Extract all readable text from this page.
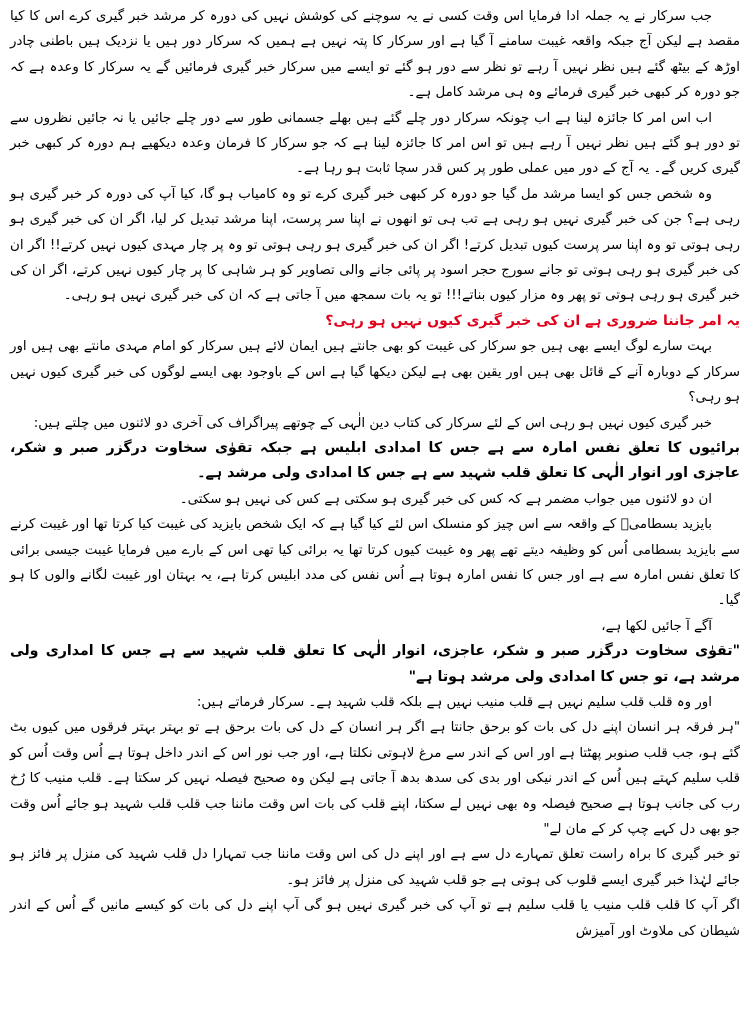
جب سرکار نے یہ جملہ ادا فرمایا اس وقت کسی نے یہ سوچنے کی کوشش نہیں کی دورہ کر مرشد خبر گیری کرے اس کا کیا مقصد ہے لیکن آج جبکہ واقعہ غیبت سامنے آ گیا ہے اور سرکار کا پتہ نہیں ہے ہمیں کہ سرکار دور ہیں یا نزدیک ہیں باطنی چادر اوڑھ کے بیٹھ گئے ہیں نظر نہیں آ رہے تو نظر سے دور ہو گئے تو ایسے میں سرکار خبر گیری فرمائیں گے یہ سرکار کا وعدہ ہے کہ جو دورہ کر کبھی خبر گیری فرمائے وہ ہی مرشد کامل ہے۔

اب اس امر کا جائزہ لینا ہے اب چونکہ سرکار دور چلے گئے ہیں بھلے جسمانی طور سے دور چلے جائیں یا نہ جائیں نظروں سے تو دور ہو گئے ہیں نظر نہیں آ رہے ہیں تو اس امر کا جائزہ لینا ہے کہ جو سرکار کا فرمان وعدہ دیکھیے ہم دورہ کر کبھی خبر گیری کریں گے۔ یہ آج کے دور میں عملی طور پر کس قدر سچا ثابت ہو رہا ہے۔

وہ شخص جس کو ایسا مرشد مل گیا جو دورہ کر کبھی خبر گیری کرے تو وہ کامیاب ہو گا، کیا آپ کی دورہ کر خبر گیری ہو رہی ہے؟ جن کی خبر گیری نہیں ہو رہی ہے تب ہی تو انھوں نے اپنا سر پرست، اپنا مرشد تبدیل کر لیا، اگر ان کی خبر گیری ہو رہی ہوتی تو وہ اپنا سر پرست کیوں تبدیل کرتے! اگر ان کی خبر گیری ہو رہی ہوتی تو وہ پر چار مہدی کیوں نہیں کرتے!! اگر ان کی خبر گیری ہو رہی ہوتی تو جانے سورج حجر اسود پر پائی جانے والی تصاویر کو ہر شاہی کا پر چار کیوں نہیں کرتے، اگر ان کی خبر گیری ہو رہی ہوتی تو پھر وہ مزار کیوں بناتے!!! تو یہ بات سمجھ میں آ جاتی ہے کہ ان کی خبر گیری نہیں ہو رہی۔

یہ امر جاننا ضروری ہے ان کی خبر گیری کیوں نہیں ہو رہی؟

بہت سارے لوگ ایسے بھی ہیں جو سرکار کی غیبت کو بھی جانتے ہیں ایمان لائے ہیں سرکار کو امام مہدی مانتے بھی ہیں اور سرکار کے دوبارہ آنے کے قائل بھی ہیں اور یقین بھی ہے لیکن دیکھا گیا ہے اس کے باوجود بھی ایسے لوگوں کی خبر گیری کیوں نہیں ہو رہی؟

خبر گیری کیوں نہیں ہو رہی اس کے لئے سرکار کی کتاب دین الٰہی کے چوتھے پیراگراف کی آخری دو لائنوں میں چلتے ہیں:

برائیوں کا تعلق نفس امارہ سے ہے جس کا امدادی ابلیس ہے جبکہ تقوٰی سخاوت درگزر صبر و شکر، عاجزی اور انوار الٰہی کا تعلق قلب شہید سے ہے جس کا امدادی ولی مرشد ہے۔

ان دو لائنوں میں جواب مضمر ہے کہ کس کی خبر گیری ہو سکتی ہے کس کی نہیں ہو سکتی۔

بایزید بسطامیؒ کے واقعہ سے اس چیز کو منسلک اس لئے کیا گیا ہے کہ ایک شخص بایزید کی غیبت کیا کرتا تھا اور غیبت کرنے سے بایزید بسطامی اُس کو وظیفہ دیتے تھے پھر وہ غیبت کیوں کرتا تھا یہ برائی کیا تھی اس کے بارے میں فرمایا غیبت جیسی برائی کا تعلق نفس امارہ سے ہے اور جس کا نفس امارہ ہوتا ہے اُس نفس کی مدد ابلیس کرتا ہے، یہ بہتان اور غیبت لگانے والوں کا ہو گیا۔

آگے آ جائیں لکھا ہے،

"تقوٰی سخاوت درگزر صبر و شکر، عاجزی، انوار الٰہی کا تعلق قلب شہید سے ہے جس کا امداری ولی مرشد ہے، تو جس کا امدادی ولی مرشد ہوتا ہے"

اور وہ قلب قلب سلیم نہیں ہے قلب منیب نہیں ہے بلکہ قلب شہید ہے۔ سرکار فرماتے ہیں:

"ہر فرقہ ہر انسان اپنے دل کی بات کو برحق جانتا ہے اگر ہر انسان کے دل کی بات برحق ہے تو بہتر بہتر فرقوں میں کیوں بٹ گئے ہو، جب قلب صنوبر پھٹتا ہے اور اس کے اندر سے مرغ لاہوتی نکلتا ہے، اور جب نور اس کے اندر داخل ہوتا ہے اُس وقت اُس کو قلب سلیم کہتے ہیں اُس کے اندر نیکی اور بدی کی سدھ بدھ آ جاتی ہے لیکن وہ صحیح فیصلہ نہیں کر سکتا ہے۔ قلب منیب کا رُخ رب کی جانب ہوتا ہے صحیح فیصلہ وہ بھی نہیں لے سکتا، اپنے قلب کی بات اس وقت ماننا جب قلب قلب شہید ہو جائے اُس وقت جو بھی دل کہے چپ کر کے مان لے"

تو خبر گیری کا براہ راست تعلق تمہارے دل سے ہے اور اپنے دل کی اس وقت ماننا جب تمہارا دل قلب شہید کی منزل پر فائز ہو جائے لہٰذا خبر گیری ایسے قلوب کی ہوتی ہے جو قلب شہید کی منزل پر فائز ہو۔

اگر آپ کا قلب قلب منیب یا قلب سلیم ہے تو آپ کی خبر گیری نہیں ہو گی آپ اپنے دل کی بات کو کیسے مانیں گے اُس کے اندر شیطان کی ملاوٹ اور آمیزش
